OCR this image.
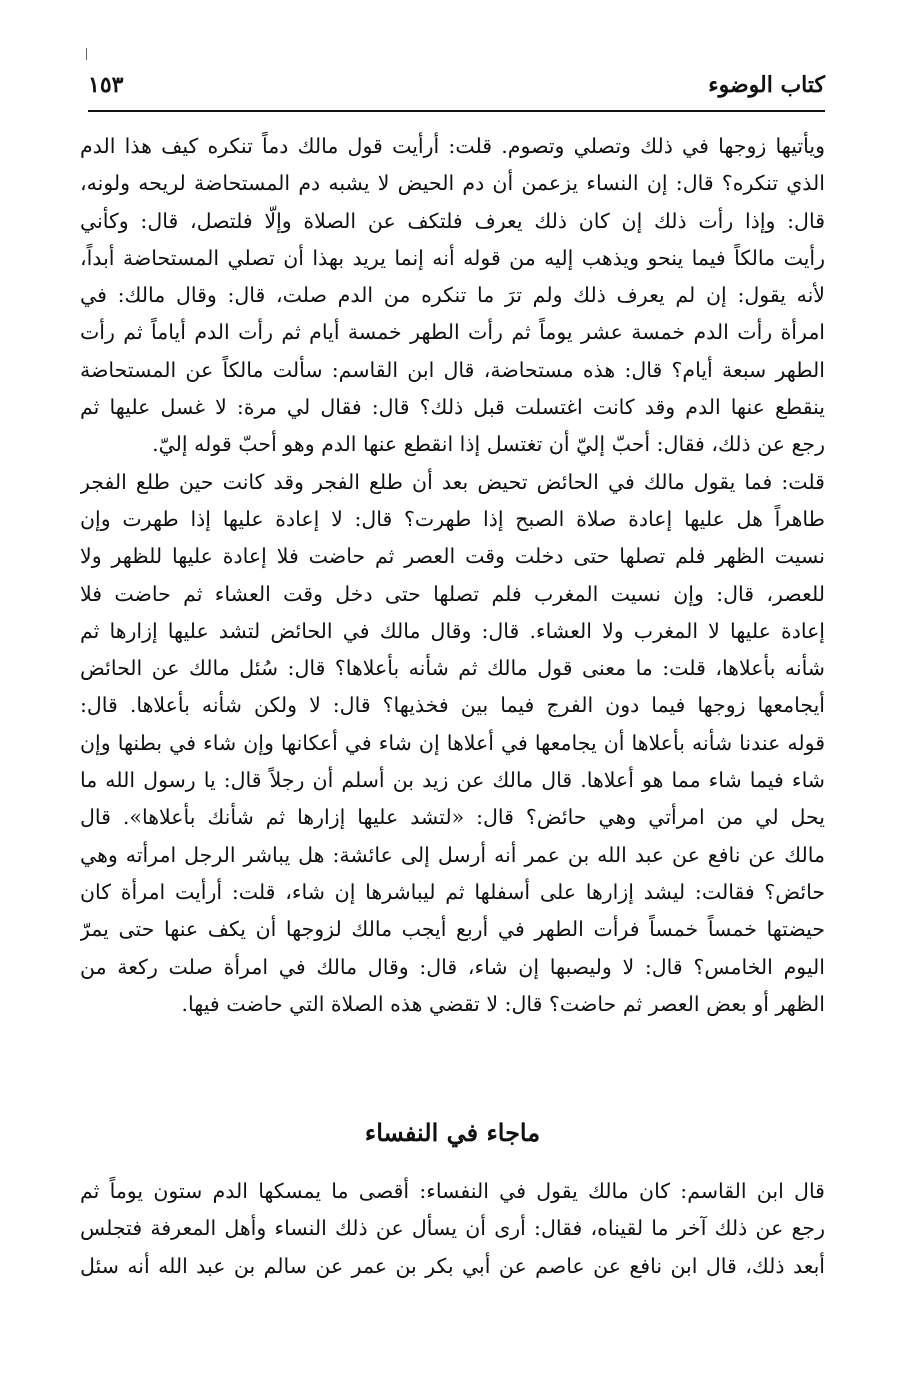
كتاب الوضوء
١٥٣
ويأتيها زوجها في ذلك وتصلي وتصوم. قلت: أرأيت قول مالك دماً تنكره كيف هذا الدم
الذي تنكره؟ قال: إن النساء يزعمن أن دم الحيض لا يشبه دم المستحاضة لريحه ولونه،
قال: وإذا رأت ذلك إن كان ذلك يعرف فلتكف عن الصلاة وإلّا فلتصل، قال: وكأني
رأيت مالكاً فيما ينحو ويذهب إليه من قوله أنه إنما يريد بهذا أن تصلي المستحاضة أبداً،
لأنه يقول: إن لم يعرف ذلك ولم ترَ ما تنكره من الدم صلت، قال: وقال مالك: في
امرأة رأت الدم خمسة عشر يوماً ثم رأت الطهر خمسة أيام ثم رأت الدم أياماً ثم رأت
الطهر سبعة أيام؟ قال: هذه مستحاضة، قال ابن القاسم: سألت مالكاً عن المستحاضة
ينقطع عنها الدم وقد كانت اغتسلت قبل ذلك؟ قال: فقال لي مرة: لا غسل عليها ثم
رجع عن ذلك، فقال: أحبّ إليّ أن تغتسل إذا انقطع عنها الدم وهو أحبّ قوله إليّ.
قلت: فما يقول مالك في الحائض تحيض بعد أن طلع الفجر وقد كانت حين طلع الفجر
طاهراً هل عليها إعادة صلاة الصبح إذا طهرت؟ قال: لا إعادة عليها إذا طهرت وإن
نسيت الظهر فلم تصلها حتى دخلت وقت العصر ثم حاضت فلا إعادة عليها للظهر ولا
للعصر، قال: وإن نسيت المغرب فلم تصلها حتى دخل وقت العشاء ثم حاضت فلا
إعادة عليها لا المغرب ولا العشاء. قال: وقال مالك في الحائض لتشد عليها إزارها ثم
شأنه بأعلاها، قلت: ما معنى قول مالك ثم شأنه بأعلاها؟ قال: سُئل مالك عن الحائض
أيجامعها زوجها فيما دون الفرج فيما بين فخذيها؟ قال: لا ولكن شأنه بأعلاها. قال:
قوله عندنا شأنه بأعلاها أن يجامعها في أعلاها إن شاء في أعكانها وإن شاء في بطنها وإن
شاء فيما شاء مما هو أعلاها. قال مالك عن زيد بن أسلم أن رجلاً قال: يا رسول الله ما
يحل لي من امرأتي وهي حائض؟ قال: «لتشد عليها إزارها ثم شأنك بأعلاها». قال
مالك عن نافع عن عبد الله بن عمر أنه أرسل إلى عائشة: هل يباشر الرجل امرأته وهي
حائض؟ فقالت: ليشد إزارها على أسفلها ثم ليباشرها إن شاء، قلت: أرأيت امرأة كان
حيضتها خمساً خمساً فرأت الطهر في أربع أيجب مالك لزوجها أن يكف عنها حتى يمرّ
اليوم الخامس؟ قال: لا وليصبها إن شاء، قال: وقال مالك في امرأة صلت ركعة من
الظهر أو بعض العصر ثم حاضت؟ قال: لا تقضي هذه الصلاة التي حاضت فيها.
ماجاء في النفساء
قال ابن القاسم: كان مالك يقول في النفساء: أقصى ما يمسكها الدم ستون يوماً ثم
رجع عن ذلك آخر ما لقيناه، فقال: أرى أن يسأل عن ذلك النساء وأهل المعرفة فتجلس
أبعد ذلك، قال ابن نافع عن عاصم عن أبي بكر بن عمر عن سالم بن عبد الله أنه سئل
